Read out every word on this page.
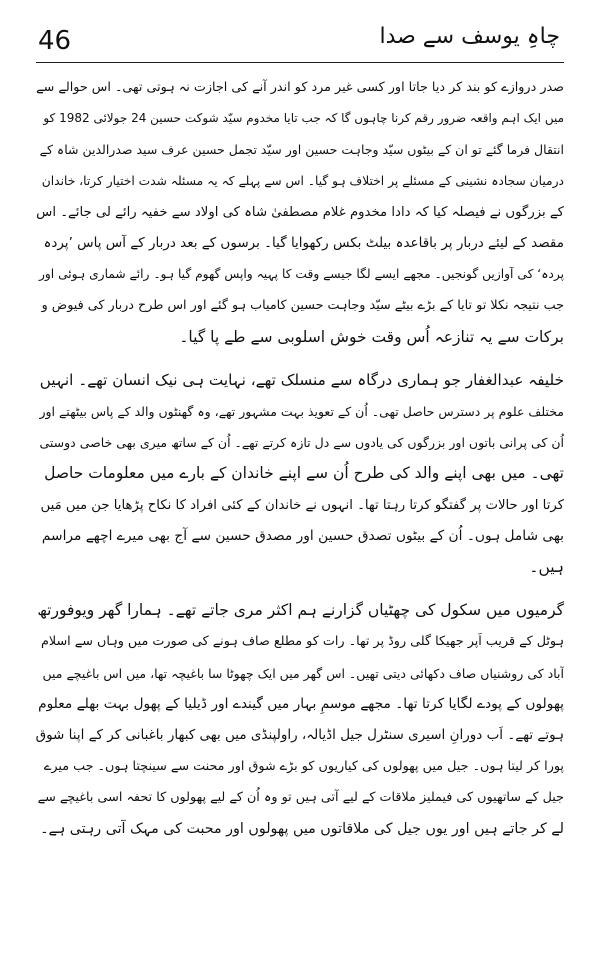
46	چاہِ یوسف سے صدا
صدر دروازے کو بند کر دیا جاتا اور کسی غیر مرد کو اندر آنے کی اجازت نہ ہوتی تھی۔ اس حوالے سے
میں ایک اہم واقعہ ضرور رقم کرنا چاہوں گا کہ جب تایا مخدوم سیّد شوکت حسین 24 جولائی 1982 کو
انتقال فرما گئے تو ان کے بیٹوں سیّد وجاہت حسین اور سیّد تجمل حسین عرف سید صدرالدین شاہ کے
درمیان سجادہ نشینی کے مسئلے پر اختلاف ہو گیا۔ اس سے پہلے کہ یہ مسئلہ شدت اختیار کرتا، خاندان
کے بزرگوں نے فیصلہ کیا کہ دادا مخدوم غلام مصطفیٰ شاہ کی اولاد سے خفیہ رائے لی جائے۔ اس
مقصد کے لیئے دربار پر باقاعدہ بیلٹ بکس رکھوایا گیا۔ برسوں کے بعد دربار کے آس پاس ’پردہ
پردہ‘ کی آوازیں گونجیں۔ مجھے ایسے لگا جیسے وقت کا پہیہ واپس گھوم گیا ہو۔ رائے شماری ہوئی اور
جب نتیجہ نکلا تو تایا کے بڑے بیٹے سیّد وجاہت حسین کامیاب ہو گئے اور اس طرح دربار کی فیوض و
برکات سے یہ تنازعہ اُس وقت خوش اسلوبی سے طے پا گیا۔
خلیفہ عبدالغفار جو ہماری درگاہ سے منسلک تھے، نہایت ہی نیک انسان تھے۔ انہیں
مختلف علوم پر دسترس حاصل تھی۔ اُن کے تعویذ بہت مشہور تھے، وہ گھنٹوں والد کے پاس بیٹھتے اور
اُن کی پرانی باتوں اور بزرگوں کی یادوں سے دل تازہ کرتے تھے۔ اُن کے ساتھ میری بھی خاصی دوستی
تھی۔ میں بھی اپنے والد کی طرح اُن سے اپنے خاندان کے بارے میں معلومات حاصل
کرتا اور حالات پر گفتگو کرتا رہتا تھا۔ انہوں نے خاندان کے کئی افراد کا نکاح پڑھایا جن میں مَیں
بھی شامل ہوں۔ اُن کے بیٹوں تصدق حسین اور مصدق حسین سے آج بھی میرے اچھے مراسم
ہیں۔
گرمیوں میں سکول کی چھٹیاں گزارنے ہم اکثر مری جاتے تھے۔ ہمارا گھر ویوفورتھ
ہوٹل کے قریب اَپر جھیکا گلی روڈ پر تھا۔ رات کو مطلع صاف ہونے کی صورت میں وہاں سے اسلام
آباد کی روشنیاں صاف دکھائی دیتی تھیں۔ اس گھر میں ایک چھوٹا سا باغیچہ تھا، میں اس باغیچے میں
پھولوں کے پودے لگایا کرتا تھا۔ مجھے موسمِ بہار میں گیندے اور ڈیلیا کے پھول بہت بھلے معلوم
ہوتے تھے۔ اَب دورانِ اسیری سنٹرل جیل اڈیالہ، راولپنڈی میں بھی کبھار باغبانی کر کے اپنا شوق
پورا کر لیتا ہوں۔ جیل میں پھولوں کی کیاریوں کو بڑے شوق اور محنت سے سینچتا ہوں۔ جب میرے
جیل کے ساتھیوں کی فیملیز ملاقات کے لیے آتی ہیں تو وہ اُن کے لیے پھولوں کا تحفہ اسی باغیچے سے
لے کر جاتے ہیں اور یوں جیل کی ملاقاتوں میں پھولوں اور محبت کی مہک آتی رہتی ہے۔
